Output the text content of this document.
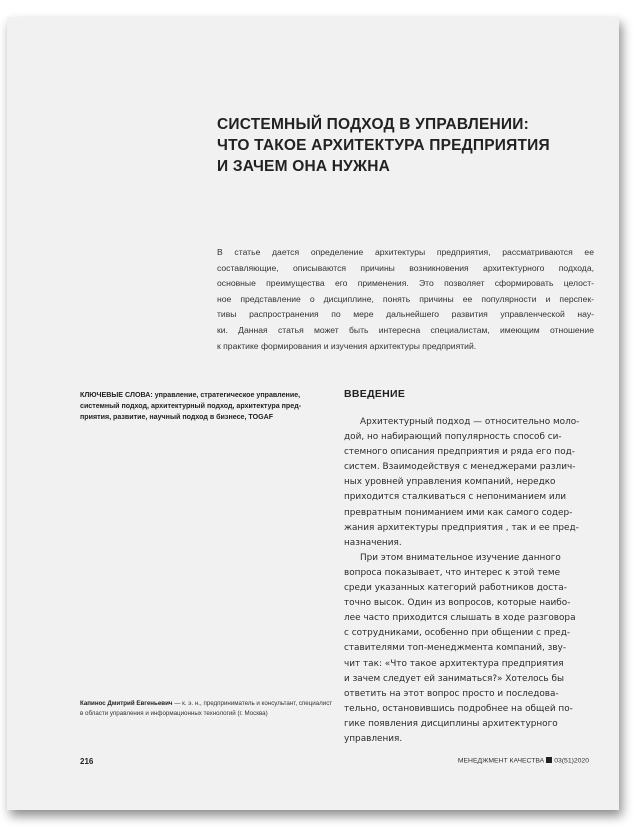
СИСТЕМНЫЙ ПОДХОД В УПРАВЛЕНИИ:
ЧТО ТАКОЕ АРХИТЕКТУРА ПРЕДПРИЯТИЯ
И ЗАЧЕМ ОНА НУЖНА
В статье дается определение архитектуры предприятия, рассматриваются ее
составляющие, описываются причины возникновения архитектурного подхода,
основные преимущества его применения. Это позволяет сформировать целост-
ное представление о дисциплине, понять причины ее популярности и перспек-
тивы распространения по мере дальнейшего развития управленческой нау-
ки. Данная статья может быть интересна специалистам, имеющим отношение
к практике формирования и изучения архитектуры предприятий.
КЛЮЧЕВЫЕ СЛОВА: управление, стратегическое управление,
системный подход, архитектурный подход, архитектура пред-
приятия, развитие, научный подход в бизнесе, TOGAF
ВВЕДЕНИЕ
Архитектурный подход — относительно моло-
дой, но набирающий популярность способ си-
стемного описания предприятия и ряда его под-
систем. Взаимодействуя с менеджерами различ-
ных уровней управления компаний, нередко
приходится сталкиваться с непониманием или
превратным пониманием ими как самого содер-
жания архитектуры предприятия , так и ее пред-
назначения.
При этом внимательное изучение данного
вопроса показывает, что интерес к этой теме
среди указанных категорий работников доста-
точно высок. Один из вопросов, которые наибо-
лее часто приходится слышать в ходе разговора
с сотрудниками, особенно при общении с пред-
ставителями топ-менеджмента компаний, зву-
чит так: «Что такое архитектура предприятия
и зачем следует ей заниматься?» Хотелось бы
ответить на этот вопрос просто и последова-
тельно, остановившись подробнее на общей по-
гике появления дисциплины архитектурного
управления.
Капинос Дмитрий Евгеньевич — к. э. н., предприниматель и консультант, специалист
в области управления и информационных технологий (г. Москва)
216	МЕНЕДЖМЕНТ КАЧЕСТВА 03(51)2020
